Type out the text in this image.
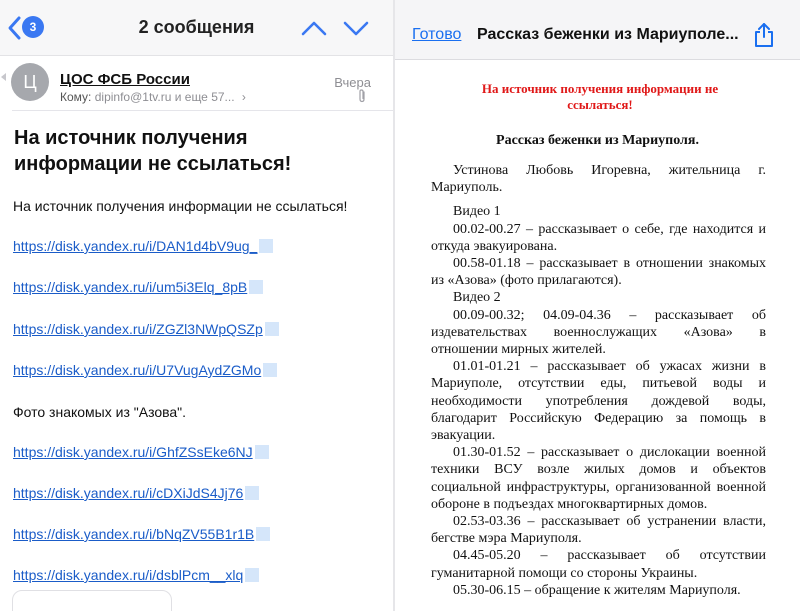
3	2 сообщения
Ц	ЦОС ФСБ России	Вчера
Кому: dipinfo@1tv.ru и еще 57... ›
На источник получения информации не ссылаться!
На источник получения информации не ссылаться!
https://disk.yandex.ru/i/DAN1d4bV9ug_
https://disk.yandex.ru/i/um5i3Elq_8pB
https://disk.yandex.ru/i/ZGZl3NWpQSZp
https://disk.yandex.ru/i/U7VugAydZGMo
Фото знакомых из "Азова".
https://disk.yandex.ru/i/GhfZSsEke6NJ
https://disk.yandex.ru/i/cDXiJdS4Jj76
https://disk.yandex.ru/i/bNqZV55B1r1B
https://disk.yandex.ru/i/dsblPcm__xlq
Готово Рассказ беженки из Мариуполе...
На источник получения информации не ссылаться!
Рассказ беженки из Мариуполя.

Устинова Любовь Игоревна, жительница г. Мариуполь.

Видео 1

00.02-00.27 – рассказывает о себе, где находится и откуда эвакуирована.

00.58-01.18 – рассказывает в отношении знакомых из «Азова» (фото прилагаются).

Видео 2

00.09-00.32; 04.09-04.36 – рассказывает об издевательствах военнослужащих «Азова» в отношении мирных жителей.

01.01-01.21 – рассказывает об ужасах жизни в Мариуполе, отсутствии еды, питьевой воды и необходимости употребления дождевой воды, благодарит Российскую Федерацию за помощь в эвакуации.

01.30-01.52 – рассказывает о дислокации военной техники ВСУ возле жилых домов и объектов социальной инфраструктуры, организованной военной обороне в подъездах многоквартирных домов.

02.53-03.36 – рассказывает об устранении власти, бегстве мэра Мариуполя.

04.45-05.20 – рассказывает об отсутствии гуманитарной помощи со стороны Украины.

05.30-06.15 – обращение к жителям Мариуполя.
